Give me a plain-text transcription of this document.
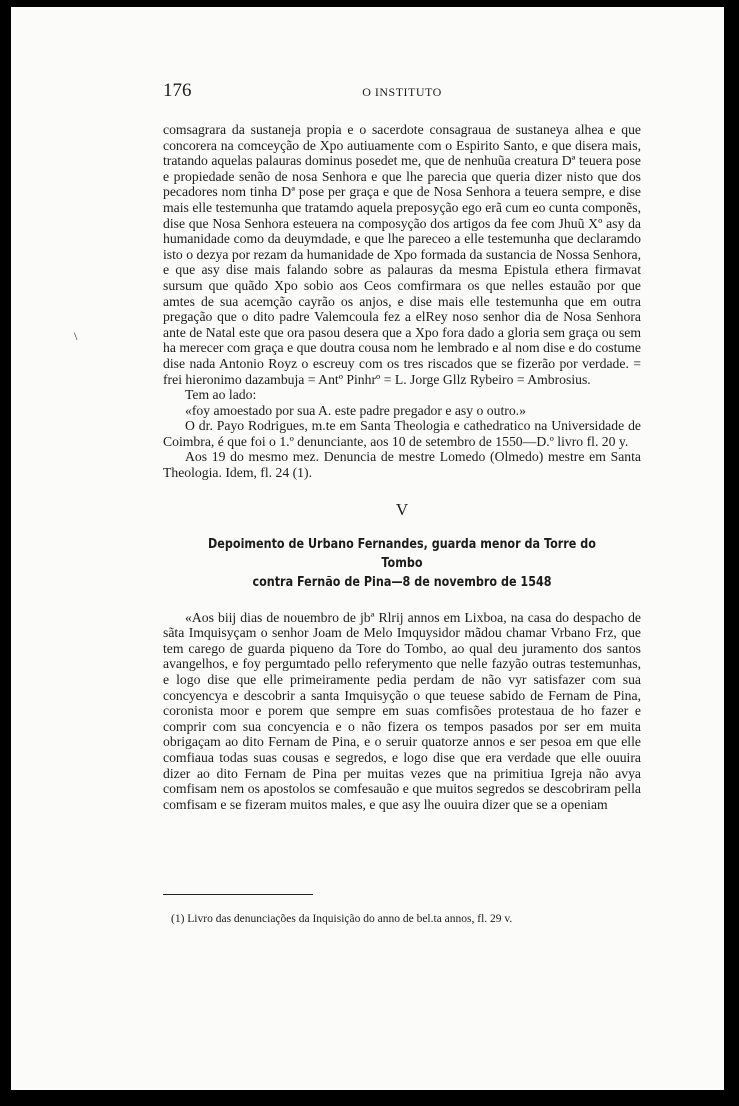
176	O INSTITUTO
\

comsagrara da sustaneja propia e o sacerdote consagraua de sustaneya alhea e que concorera na comceyção de Xpo autiuamente com o Espirito Santo, e que disera mais, tratando aquelas palauras dominus posedet me, que de nenhuũa creatura Dª teuera pose e propiedade senão de nosa Senhora e que lhe parecia que queria dizer nisto que dos pecadores nom tinha Dª pose per graça e que de Nosa Senhora a teuera sempre, e dise mais elle testemunha que tratamdo aquela preposyção ego erã cum eo cunta componẽs, dise que Nosa Senhora esteuera na composyção dos artigos da fee com Jhuũ Xº asy da humanidade como da deuymdade, e que lhe pareceo a elle testemunha que declaramdo isto o dezya por rezam da humanidade de Xpo formada da sustancia de Nossa Senhora, e que asy dise mais falando sobre as palauras da mesma Epistula ethera firmavat sursum que quãdo Xpo sobio aos Ceos comfirmara os que nelles estauão por que amtes de sua acemção cayrão os anjos, e dise mais elle testemunha que em outra pregação que o dito padre Valemcoula fez a elRey noso senhor dia de Nosa Senhora ante de Natal este que ora pasou desera que a Xpo fora dado a gloria sem graça ou sem ha merecer com graça e que doutra cousa nom he lembrado e al nom dise e do costume dise nada Antonio Royz o escreuy com os tres riscados que se fizerão por verdade. = frei hieronimo dazambuja = Antº Pinhrº = L. Jorge Gllz Rybeiro = Ambrosius.

Tem ao lado:

«foy amoestado por sua A. este padre pregador e asy o outro.»

O dr. Payo Rodrigues, m.te em Santa Theologia e cathedratico na Universidade de Coimbra, é que foi o 1.º denunciante, aos 10 de setembro de 1550—D.º livro fl. 20 y.

Aos 19 do mesmo mez. Denuncia de mestre Lomedo (Olmedo) mestre em Santa Theologia. Idem, fl. 24 (1).

V
Depoimento de Urbano Fernandes, guarda menor da Torre do Tombo
contra Fernão de Pina—8 de novembro de 1548

«Aos biij dias de nouembro de jbª Rlrij annos em Lixboa, na casa do despacho de sãta Imquisyçam o senhor Joam de Melo Imquysidor mãdou chamar Vrbano Frz, que tem carego de guarda piqueno da Tore do Tombo, ao qual deu juramento dos santos avangelhos, e foy pergumtado pello referymento que nelle fazyão outras testemunhas, e logo dise que elle primeiramente pedia perdam de não vyr satisfazer com sua concyencya e descobrir a santa Imquisyção o que teuese sabido de Fernam de Pina, coronista moor e porem que sempre em suas comfisões protestaua de ho fazer e comprir com sua concyencia e o não fizera os tempos pasados por ser em muita obrigaçam ao dito Fernam de Pina, e o seruir quatorze annos e ser pesoa em que elle comfiaua todas suas cousas e segredos, e logo dise que era verdade que elle ouuira dizer ao dito Fernam de Pina per muitas vezes que na primitiua Igreja não avya comfisam nem os apostolos se comfesauão e que muitos segredos se descobriram pella comfisam e se fizeram muitos males, e que asy lhe ouuira dizer que se a openiam

(1) Livro das denunciações da Inquisição do anno de bel.ta annos, fl. 29 v.
